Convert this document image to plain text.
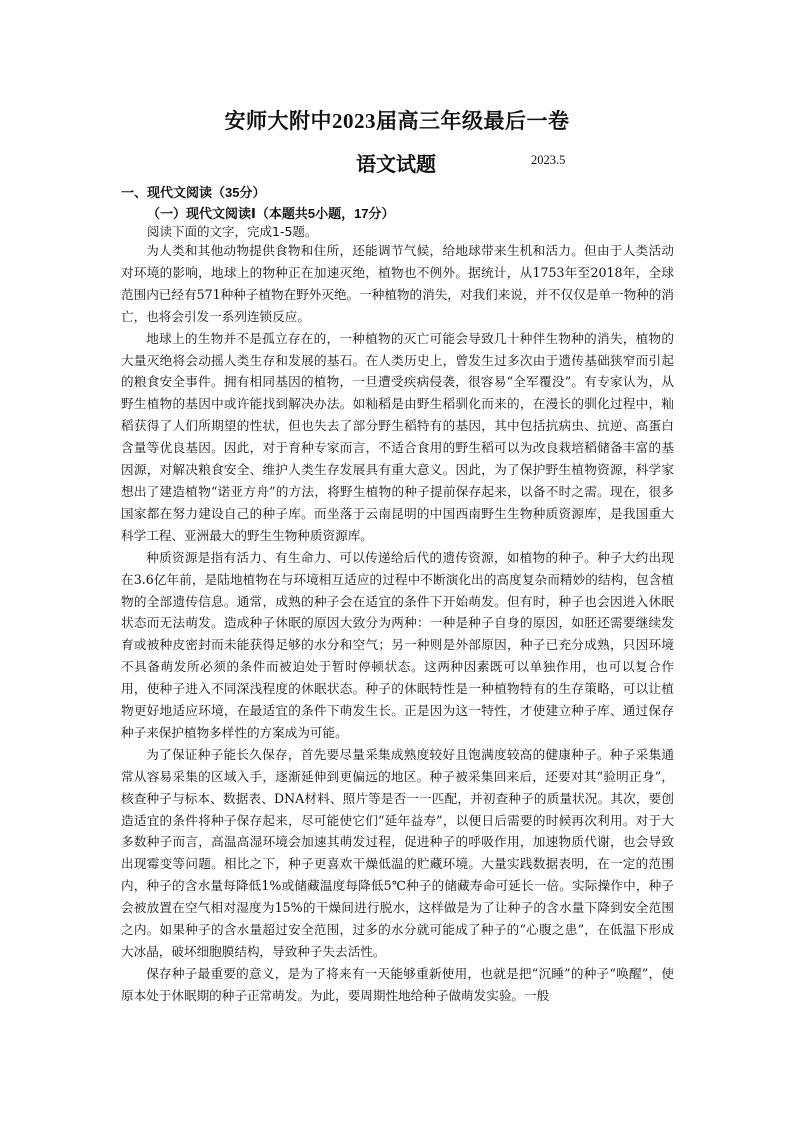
安师大附中2023届高三年级最后一卷
语文试题	2023.5
一、现代文阅读（35分）
（一）现代文阅读Ⅰ（本题共5小题，17分）
阅读下面的文字，完成1-5题。

为人类和其他动物提供食物和住所，还能调节气候，给地球带来生机和活力。但由于人类活动对环境的影响，地球上的物种正在加速灭绝，植物也不例外。据统计，从1753年至2018年，全球范围内已经有571种种子植物在野外灭绝。一种植物的消失，对我们来说，并不仅仅是单一物种的消亡，也将会引发一系列连锁反应。

地球上的生物并不是孤立存在的，一种植物的灭亡可能会导致几十种伴生物种的消失，植物的大量灭绝将会动摇人类生存和发展的基石。在人类历史上，曾发生过多次由于遗传基础狭窄而引起的粮食安全事件。拥有相同基因的植物，一旦遭受疾病侵袭，很容易“全军覆没”。有专家认为，从野生植物的基因中或许能找到解决办法。如籼稻是由野生稻驯化而来的，在漫长的驯化过程中，籼稻获得了人们所期望的性状，但也失去了部分野生稻特有的基因，其中包括抗病虫、抗逆、高蛋白含量等优良基因。因此，对于育种专家而言，不适合食用的野生稻可以为改良栽培稻储备丰富的基因源，对解决粮食安全、维护人类生存发展具有重大意义。因此，为了保护野生植物资源，科学家想出了建造植物“诺亚方舟”的方法，将野生植物的种子提前保存起来，以备不时之需。现在，很多国家都在努力建设自己的种子库。而坐落于云南昆明的中国西南野生生物种质资源库，是我国重大科学工程、亚洲最大的野生生物种质资源库。

种质资源是指有活力、有生命力、可以传递给后代的遗传资源，如植物的种子。种子大约出现在3.6亿年前，是陆地植物在与环境相互适应的过程中不断演化出的高度复杂而精妙的结构，包含植物的全部遗传信息。通常，成熟的种子会在适宜的条件下开始萌发。但有时，种子也会因进入休眠状态而无法萌发。造成种子休眠的原因大致分为两种：一种是种子自身的原因，如胚还需要继续发育或被种皮密封而未能获得足够的水分和空气；另一种则是外部原因，种子已充分成熟，只因环境不具备萌发所必须的条件而被迫处于暂时停顿状态。这两种因素既可以单独作用，也可以复合作用，使种子进入不同深浅程度的休眠状态。种子的休眠特性是一种植物特有的生存策略，可以让植物更好地适应环境，在最适宜的条件下萌发生长。正是因为这一特性，才使建立种子库、通过保存种子来保护植物多样性的方案成为可能。

为了保证种子能长久保存，首先要尽量采集成熟度较好且饱满度较高的健康种子。种子采集通常从容易采集的区域入手，逐渐延伸到更偏远的地区。种子被采集回来后，还要对其“验明正身”，核查种子与标本、数据表、DNA材料、照片等是否一一匹配，并初查种子的质量状况。其次，要创造适宜的条件将种子保存起来，尽可能使它们“延年益寿”，以便日后需要的时候再次利用。对于大多数种子而言，高温高湿环境会加速其萌发过程，促进种子的呼吸作用，加速物质代谢，也会导致出现霉变等问题。相比之下，种子更喜欢干燥低温的贮藏环境。大量实践数据表明，在一定的范围内，种子的含水量每降低1%或储藏温度每降低5℃种子的储藏寿命可延长一倍。实际操作中，种子会被放置在空气相对湿度为15%的干燥间进行脱水，这样做是为了让种子的含水量下降到安全范围之内。如果种子的含水量超过安全范围，过多的水分就可能成了种子的“心腹之患”，在低温下形成大冰晶，破坏细胞膜结构，导致种子失去活性。

保存种子最重要的意义，是为了将来有一天能够重新使用，也就是把“沉睡”的种子“唤醒”，使原本处于休眠期的种子正常萌发。为此，要周期性地给种子做萌发实验。一般
